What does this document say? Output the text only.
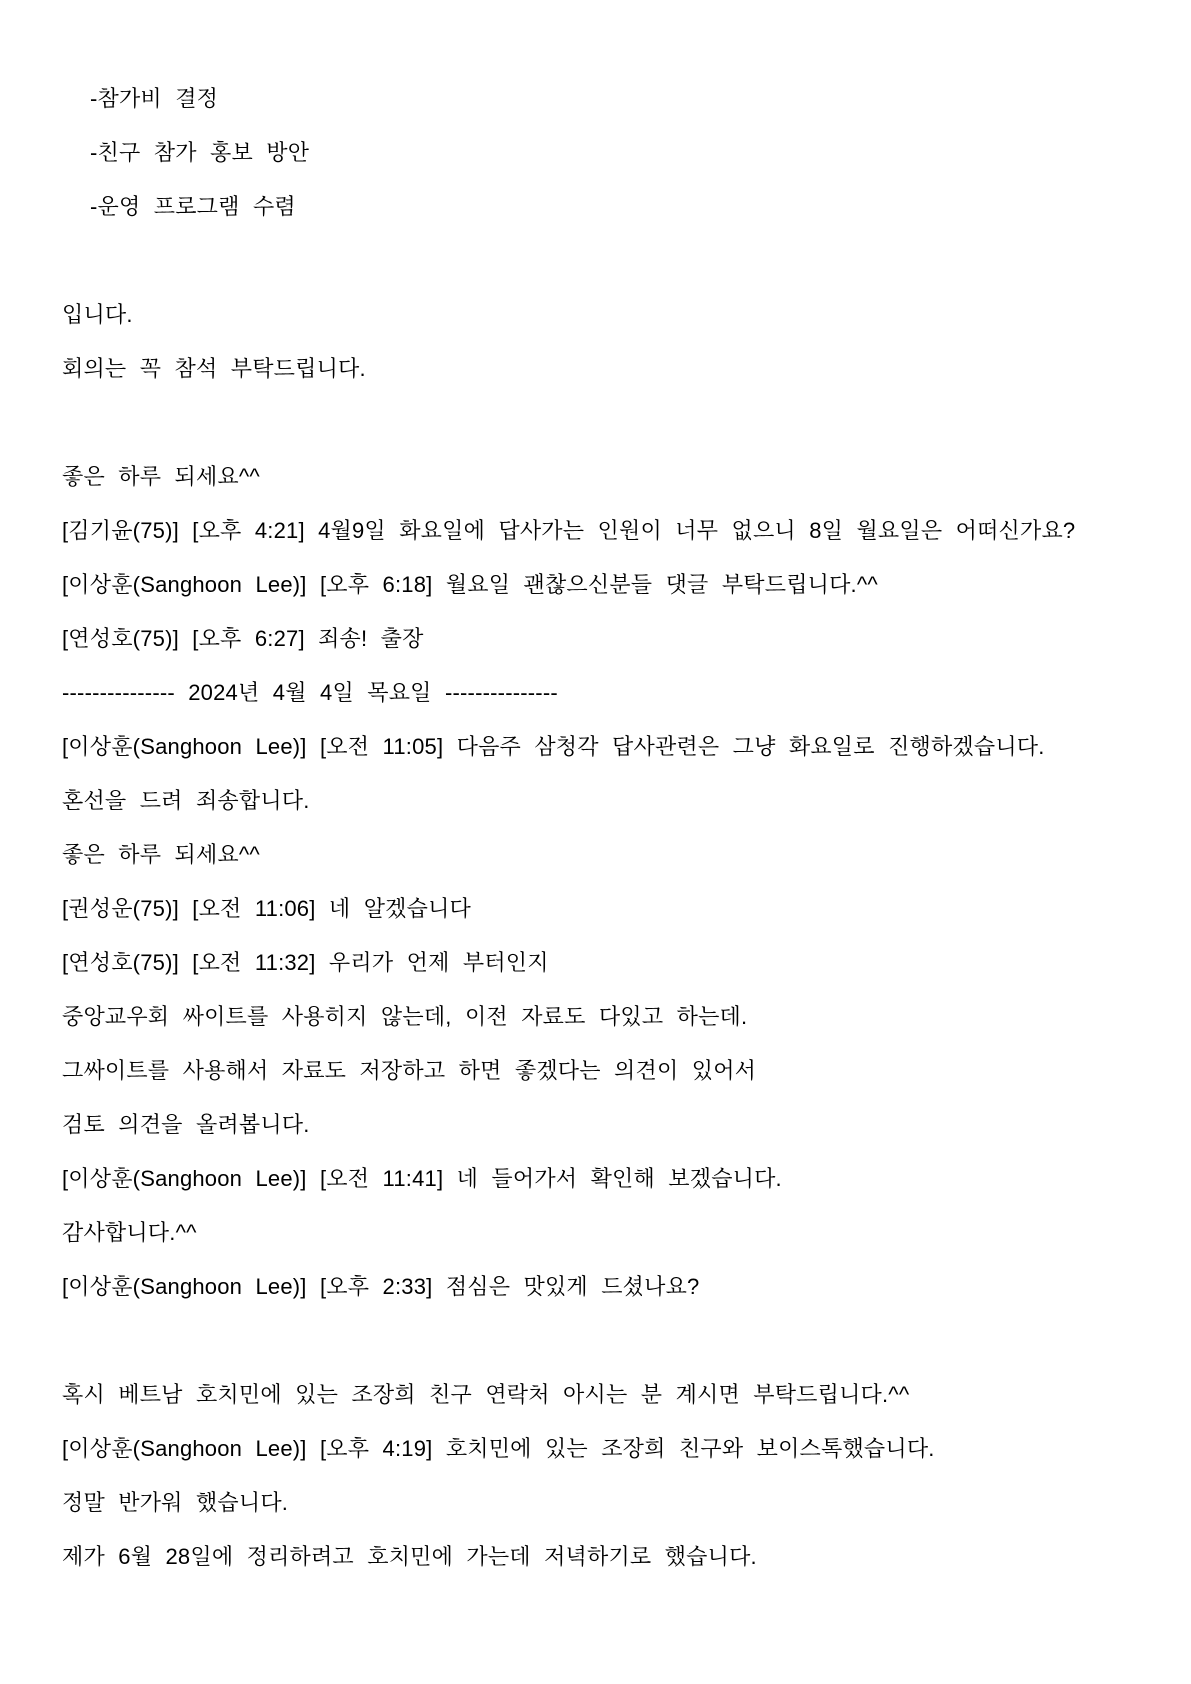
-참가비 결정

-친구 참가 홍보 방안

-운영 프로그램 수렴

입니다.

회의는 꼭 참석 부탁드립니다.

좋은 하루 되세요^^

[김기윤(75)] [오후 4:21] 4월9일 화요일에 답사가는 인원이 너무 없으니 8일 월요일은 어떠신가요?

[이상훈(Sanghoon Lee)] [오후 6:18] 월요일 괜찮으신분들 댓글 부탁드립니다.^^

[연성호(75)] [오후 6:27] 죄송! 출장

--------------- 2024년 4월 4일 목요일 ---------------

[이상훈(Sanghoon Lee)] [오전 11:05] 다음주 삼청각 답사관련은 그냥 화요일로 진행하겠습니다.

혼선을 드려 죄송합니다.

좋은 하루 되세요^^

[권성운(75)] [오전 11:06] 네 알겠습니다

[연성호(75)] [오전 11:32] 우리가 언제 부터인지

중앙교우회 싸이트를 사용히지 않는데, 이전 자료도 다있고 하는데.

그싸이트를 사용해서 자료도 저장하고 하면 좋겠다는 의견이 있어서

검토 의견을 올려봅니다.

[이상훈(Sanghoon Lee)] [오전 11:41] 네 들어가서 확인해 보겠습니다.

감사합니다.^^

[이상훈(Sanghoon Lee)] [오후 2:33] 점심은 맛있게 드셨나요?

혹시 베트남 호치민에 있는 조장희 친구 연락처 아시는 분 계시면 부탁드립니다.^^

[이상훈(Sanghoon Lee)] [오후 4:19] 호치민에 있는 조장희 친구와 보이스톡했습니다.

정말 반가워 했습니다.

제가 6월 28일에 정리하려고 호치민에 가는데 저녁하기로 했습니다.
